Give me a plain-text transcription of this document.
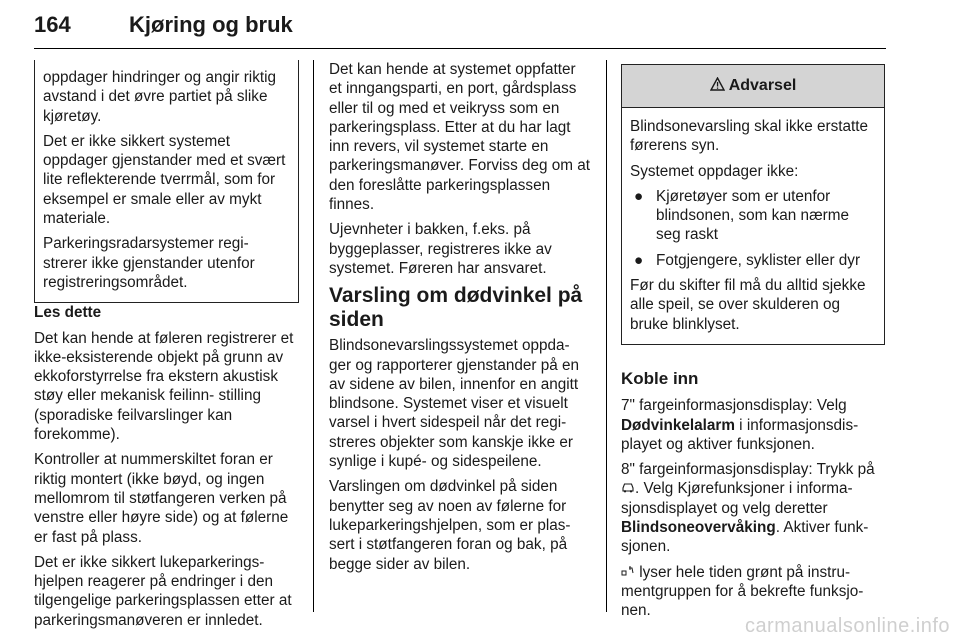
164	Kjøring og bruk

oppdager hindringer og angir riktig avstand i det øvre partiet på slike kjøretøy.

Det er ikke sikkert systemet oppdager gjenstander med et svært lite reflekterende tverrmål, som for eksempel er smale eller av mykt materiale.

Parkeringsradarsystemer regi- strerer ikke gjenstander utenfor registreringsområdet.

Les dette

Det kan hende at føleren registrerer et ikke-eksisterende objekt på grunn av ekkoforstyrrelse fra ekstern akustisk støy eller mekanisk feilinn- stilling (sporadiske feilvarslinger kan forekomme).

Kontroller at nummerskiltet foran er riktig montert (ikke bøyd, og ingen mellomrom til støtfangeren verken på venstre eller høyre side) og at følerne er fast på plass.

Det er ikke sikkert lukeparkerings- hjelpen reagerer på endringer i den tilgengelige parkeringsplassen etter at parkeringsmanøveren er innledet.

Det kan hende at systemet oppfatter et inngangsparti, en port, gårdsplass eller til og med et veikryss som en parkeringsplass. Etter at du har lagt inn revers, vil systemet starte en parkeringsmanøver. Forviss deg om at den foreslåtte parkeringsplassen finnes.

Ujevnheter i bakken, f.eks. på byggeplasser, registreres ikke av systemet. Føreren har ansvaret.

Varsling om dødvinkel på siden

Blindsonevarslingssystemet oppda- ger og rapporterer gjenstander på en av sidene av bilen, innenfor en angitt blindsone. Systemet viser et visuelt varsel i hvert sidespeil når det regi- streres objekter som kanskje ikke er synlige i kupé- og sidespeilene.

Varslingen om dødvinkel på siden benytter seg av noen av følerne for lukeparkeringshjelpen, som er plas- sert i støtfangeren foran og bak, på begge sider av bilen.

Advarsel

Blindsonevarsling skal ikke erstatte førerens syn.

Systemet oppdager ikke:

● Kjøretøyer som er utenfor blindsonen, som kan nærme seg raskt
● Fotgjengere, syklister eller dyr

Før du skifter fil må du alltid sjekke alle speil, se over skulderen og bruke blinklyset.

Koble inn

7" fargeinformasjonsdisplay: Velg
Dødvinkelalarm i informasjonsdis- playet og aktiver funksjonen.

8" fargeinformasjonsdisplay: Trykk på . Velg Kjørefunksjoner i informa- sjonsdisplayet og velg deretter
Blindsoneovervåking. Aktiver funk- sjonen.

lyser hele tiden grønt på instru- mentgruppen for å bekrefte funksjo- nen.

carmanualsonline.info
